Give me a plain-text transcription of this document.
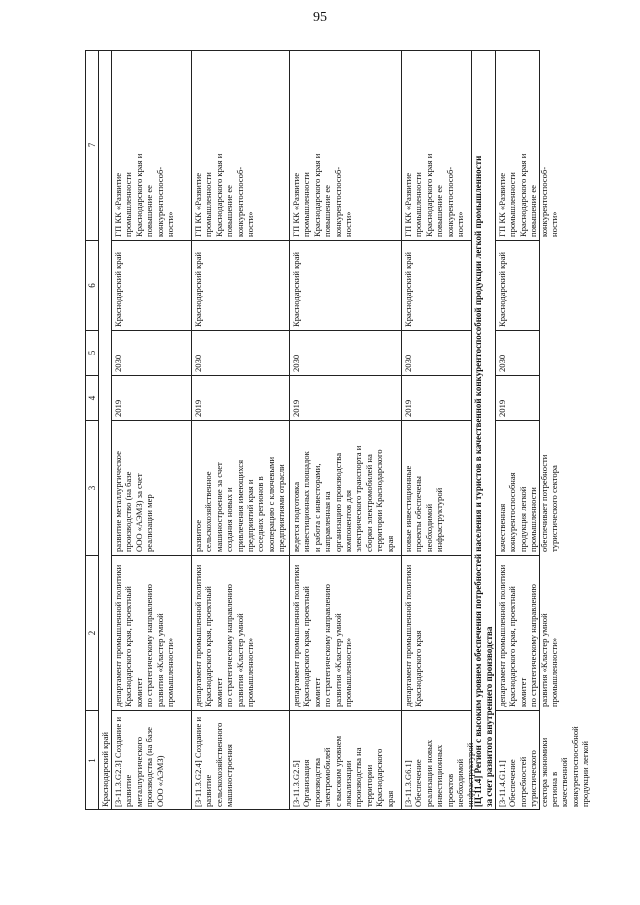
95
1
2
3
4
5
6
7
Краснодарский край [3-11.3.G2.3] Создание и
развитие металлургического
производства (на базе
ООО «АЭМЗ)
департамент промышленной политики
Краснодарского края, проектный комитет
по стратегическому направлению
развития «Кластер умной
промышленности»
развитие металлургическое
производство (на базе
ООО «АЭМЗ) за счет
реализации мер
2019
2030
Краснодарский край
ГП КК «Развитие
промышленности
Краснодарского края и
повышение ее
конкурентоспособ-
ности»
[3-11.3.G2.4] Создание и
развитие
сельскохозяйственного
машиностроения
департамент промышленной политики
Краснодарского края, проектный комитет
по стратегическому направлению
развития «Кластер умной
промышленности»
развитое
сельскохозяйственное
машиностроение за счет
создания новых и
привлечения имеющихся
предприятий края и
соседних регионов в
кооперацию с ключевыми
предприятиями отрасли
2019
2030
Краснодарский край
ГП КК «Развитие
промышленности
Краснодарского края и
повышение ее
конкурентоспособ-
ности»
[3-11.3.G2.5] Организация
производства электромобилей
с высоким уровнем
локализации производства на
территории Краснодарского
края
департамент промышленной политики
Краснодарского края, проектный комитет
по стратегическому направлению
развития «Кластер умной
промышленности»
ведется подготовка
инвестиционных площадок
и работа с инвесторами,
направленная на
организацию производства
компонентов для
электрического транспорта и
сборки электромобилей на
территории Краснодарского
края
2019
2030
Краснодарский край
ГП КК «Развитие
промышленности
Краснодарского края и
повышение ее
конкурентоспособ-
ности»
[3-11.3.G6.1] Обеспечение
реализации новых
инвестиционных проектов
необходимой
инфраструктурой
департамент промышленной политики
Краснодарского края
новые инвестиционные
проекты обеспечены
необходимой
инфраструктурой
2019
2030
Краснодарский край
ГП КК «Развитие
промышленности
Краснодарского края и
повышение ее
конкурентоспособ-
ности»
[Ц-11.4] Регион с высоким уровнем обеспечения потребностей населения и туристов в качественной конкурентоспособной продукции легкой промышленности
за счет развитого внутреннего производства
[3-11.4.G1.1] Обеспечение
потребностей туристического
сектора экономики региона в
качественной
конкурентоспособной
продукции легкой
департамент промышленной политики
Краснодарского края, проектный комитет
по стратегическому направлению
развития «Кластер умной
промышленности»
качественная
конкурентоспособная
продукция легкой
промышленности
обеспечивает потребности
туристического сектора
2019
2030
Краснодарский край
ГП КК «Развитие
промышленности
Краснодарского края и
повышение ее
конкурентоспособ-
ности»
